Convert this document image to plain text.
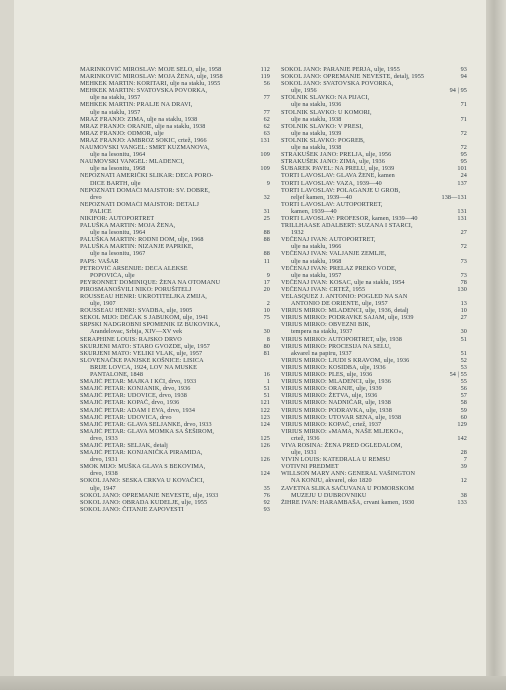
MARINKOVIĆ MIROSLAV: MOJE SELO, ulje, 1958	112
MARINKOVIĆ MIROSLAV: MOJA ŽENA, ulje, 1958	119
MEHKEK MARTIN: KORITARI, ulje na staklu, 1955	56
MEHKEK MARTIN: SVATOVSKA POVORKA,
ulje na staklu, 1957	77
MEHKEK MARTIN: PRALJE NA DRAVI,
ulje na staklu, 1957	77
MRAZ FRANJO: ZIMA, ulje na staklu, 1938	62
MRAZ FRANJO: ORANJE, ulje na staklu, 1938	62
MRAZ FRANJO: ODMOR, ulje	63
MRAZ FRANJO: AMBROZ SOKIC, crtež, 1966	131
NAUMOVSKI VANGEL: SMRT KUZMANOVA,
ulje na lesonitu, 1964	109
NAUMOVSKI VANGEL: MLADENCI,
ulje na lesonitu, 1968	109
NEPOZNATI AMERIČKI SLIKAR: DECA PORO-
DICE BARTH, ulje	9
NEPOZNATI DOMAĆI MAJSTOR: SV. DOBRE,
drvo	32
NEPOZNATI DOMAĆI MAJSTOR: DETALJ
PALICE	31
NIKIFOR: AUTOPORTRET	25
PALUŠKA MARTIN: MOJA ŽENA,
ulje na lesonitu, 1964	88
PALUŠKA MARTIN: RODNI DOM, ulje, 1968	88
PALUŠKA MARTIN: NIZANJE PAPRIKE,
ulje na lesonitu, 1967	88
PAPS: VAŠAR	11
PETROVIĆ ARSENIJE: DECA ALEKSE
POPOVIĆA, ulje	9
PEYRONNET DOMINIQUE: ŽENA NA OTOMANU	17
PIROSMANOŠVILI NIKO: PORUŠITELJ	20
ROUSSEAU HENRI: UKROTITELJKA ZMIJA,
ulje, 1907	2
ROUSSEAU HENRI: SVADBA, ulje, 1905	10
SEKOL MIJO: DEČAK S JABUKOM, ulje, 1941	75
SRPSKI NADGROBNI SPOMENIK IZ BUKOVIKA,
Arandelovac, Srbija, XIV—XV vek	30
SERAPHINE LOUIS: RAJSKO DRVO	8
SKURJENI MATO: STARO GVOZDE, ulje, 1957	80
SKURJENI MATO: VELIKI VLAK, ulje, 1957	81
SLOVENAČKE PANJSKE KOŠNICE: LISICA
BRIJE LOVCA, 1924, LOV NA MUSKE
PANTALONE, 1848	16
SMAJIĆ PETAR: MAJKA I KĆI, drvo, 1933	1
SMAJIĆ PETAR: KONJANIK, drvo, 1936	51
SMAJIĆ PETAR: UDOVICE, drvo, 1938	51
SMAJIĆ PETAR: KOPAČ, drvo, 1936	121
SMAJIĆ PETAR: ADAM I EVA, drvo, 1934	122
SMAJIĆ PETAR: UDOVICA, drvo	123
SMAJIĆ PETAR: GLAVA SELJANKE, drvo, 1933	124
SMAJIĆ PETAR: GLAVA MOMKA SA ŠEŠIROM,
drvo, 1933	125
SMAJIĆ PETAR: SELJAK, detalj	126
SMAJIĆ PETAR: KONJANIČKA PIRAMIDA,
drvo, 1931	126
SMOK MIJO: MUŠKA GLAVA S BEKOVIMA,
drvo, 1938	124
SOKOL JANO: SESKA CRKVA U KOVAČICI,
ulje, 1947	35
SOKOL JANO: OPREMANJE NEVESTE, ulje, 1933	76
SOKOL JANO: OBRADA KUDELJE, ulje, 1955	92
SOKOL JANO: ČITANJE ZAPOVESTI	93
SOKOL JANO: PARANJE PERJA, ulje, 1955	93
SOKOL JANO: OPREMANJE NEVESTE, detalj, 1955	94
SOKOL JANO: SVATOVSKA POVORKA,
ulje, 1956	94 | 95
STOLNIK SLAVKO: NA PIJACI,
ulje na staklu, 1936	71
STOLNIK SLAVKO: U KOMORI,
ulje na staklu, 1938	71
STOLNIK SLAVKO: V PRESI,
ulje na staklu, 1939	72
STOLNIK SLAVKO: POGREB,
ulje na staklu, 1938	72
STRAKUŠEK JANO: PRELJA, ulje, 1956	95
STRAKUŠEK JANO: ZIMA, ulje, 1936	95
ŠUBAREK PAVEL: NA PRELU, ulje, 1939	101
TORTI LAVOSLAV: GLAVA ŽENE, kamen	24
TORTI LAVOSLAV: VAZA, 1939—40	137
TORTI LAVOSLAV: POLAGANJE U GROB,
reljef kamen, 1939—40	138—131
TORTI LAVOSLAV: AUTOPORTRET,
kamen, 1939—40	131
TORTI LAVOSLAV: PROFESOR, kamen, 1939—40	131
TRILLHAASE ADALBERT: SUZANA I STARCI,
1932	27
VEČENAJ IVAN: AUTOPORTRET,
ulje na staklu, 1966	72
VEČENAJ IVAN: VALJANJE ZEMLJE,
ulje na staklu, 1968	73
VEČENAJ IVAN: PRELAZ PREKO VODE,
ulje na staklu, 1957	73
VEČENAJ IVAN: KOSAC, ulje na staklu, 1954	78
VEČENAJ IVAN: CRTEŽ, 1955	130
VELASQUEZ J. ANTONIO: POGLED NA SAN
ANTONIO DE ORIENTE, ulje, 1957	13
VIRIUS MIRKO: MLADENCI, ulje, 1936, detalj	10
VIRIUS MIRKO: PODRAVKE SAJAM, ulje, 1939	27
VIRIUS MIRKO: OBVEZNI BIK,
tempera na staklu, 1937	30
VIRIUS MIRKO: AUTOPORTRET, ulje, 1938	51
VIRIUS MIRKO: PROCESIJA NA SELU,
akvarel na papiru, 1937	51
VIRIUS MIRKO: LJUDI S KRAVOM, ulje, 1936	52
VIRIUS MIRKO: KOSIDBA, ulje, 1936	53
VIRIUS MIRKO: PLES, ulje, 1936	54 | 55
VIRIUS MIRKO: MLADENCI, ulje, 1936	55
VIRIUS MIRKO: ORANJE, ulje, 1939	56
VIRIUS MIRKO: ŽETVA, ulje, 1936	57
VIRIUS MIRKO: NADNIČAR, ulje, 1938	58
VIRIUS MIRKO: PODRAVKA, ulje, 1938	59
VIRIUS MIRKO: UTOVAR SENA, ulje, 1938	60
VIRIUS MIRKO: KOPAČ, crtež, 1937	129
VIRIUS MIRKO: »MAMA, NAŠE MLJEKO«,
crtež, 1936	142
VIVA ROSINA: ŽENA PRED OGLEDALOM,
ulje, 1931	28
VIVIN LOUIS: KATEDRALA U REMSU	7
VOTIVNI PREDMET	39
WILLSON MARY ANN: GENERAL VAŠINGTON
NA KONJU, akvarel, oko 1820	12
ZAVETNA SLIKA SAČUVANA U POMORSKOM
MUZEJU U DUBROVNIKU	38
ŽIHRE IVAN: HARAMBAŠA, crvani kamen, 1930	133
